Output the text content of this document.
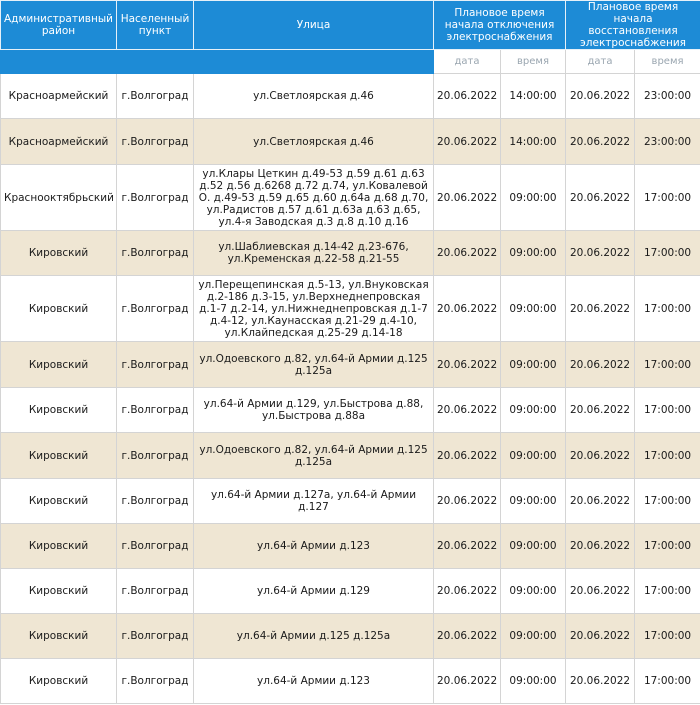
Административный район	Населенный пункт	Улица	Плановое время начала отключения электроснабжения		Плановое время начала восстановления электроснабжения	
			дата	время	дата	время
Красноармейский	г.Волгоград	ул.Светлоярская д.46	20.06.2022	14:00:00	20.06.2022	23:00:00
Красноармейский	г.Волгоград	ул.Светлоярская д.46	20.06.2022	14:00:00	20.06.2022	23:00:00
Краснооктябрьский	г.Волгоград	ул.Клары Цеткин д.49-53 д.59 д.61 д.63 д.52 д.56 д.6268 д.72 д.74, ул.Ковалевой О. д.49-53 д.59 д.65 д.60 д.64а д.68 д.70, ул.Радистов д.57 д.61 д.63а д.63 д.65, ул.4-я Заводская д.3 д.8 д.10 д.16	20.06.2022	09:00:00	20.06.2022	17:00:00
Кировский	г.Волгоград	ул.Шаблиевская д.14-42 д.23-676, ул.Кременская д.22-58 д.21-55	20.06.2022	09:00:00	20.06.2022	17:00:00
Кировский	г.Волгоград	ул.Перещепинская д.5-13, ул.Внуковская д.2-186 д.3-15, ул.Верхнеднепровская д.1-7 д.2-14, ул.Нижнеднепровская д.1-7 д.4-12, ул.Каунасская д.21-29 д.4-10, ул.Клайпедская д.25-29 д.14-18	20.06.2022	09:00:00	20.06.2022	17:00:00
Кировский	г.Волгоград	ул.Одоевского д.82, ул.64-й Армии д.125 д.125а	20.06.2022	09:00:00	20.06.2022	17:00:00
Кировский	г.Волгоград	ул.64-й Армии д.129, ул.Быстрова д.88, ул.Быстрова д.88а	20.06.2022	09:00:00	20.06.2022	17:00:00
Кировский	г.Волгоград	ул.Одоевского д.82, ул.64-й Армии д.125 д.125а	20.06.2022	09:00:00	20.06.2022	17:00:00
Кировский	г.Волгоград	ул.64-й Армии д.127а, ул.64-й Армии д.127	20.06.2022	09:00:00	20.06.2022	17:00:00
Кировский	г.Волгоград	ул.64-й Армии д.123	20.06.2022	09:00:00	20.06.2022	17:00:00
Кировский	г.Волгоград	ул.64-й Армии д.129	20.06.2022	09:00:00	20.06.2022	17:00:00
Кировский	г.Волгоград	ул.64-й Армии д.125 д.125а	20.06.2022	09:00:00	20.06.2022	17:00:00
Кировский	г.Волгоград	ул.64-й Армии д.123	20.06.2022	09:00:00	20.06.2022	17:00:00
